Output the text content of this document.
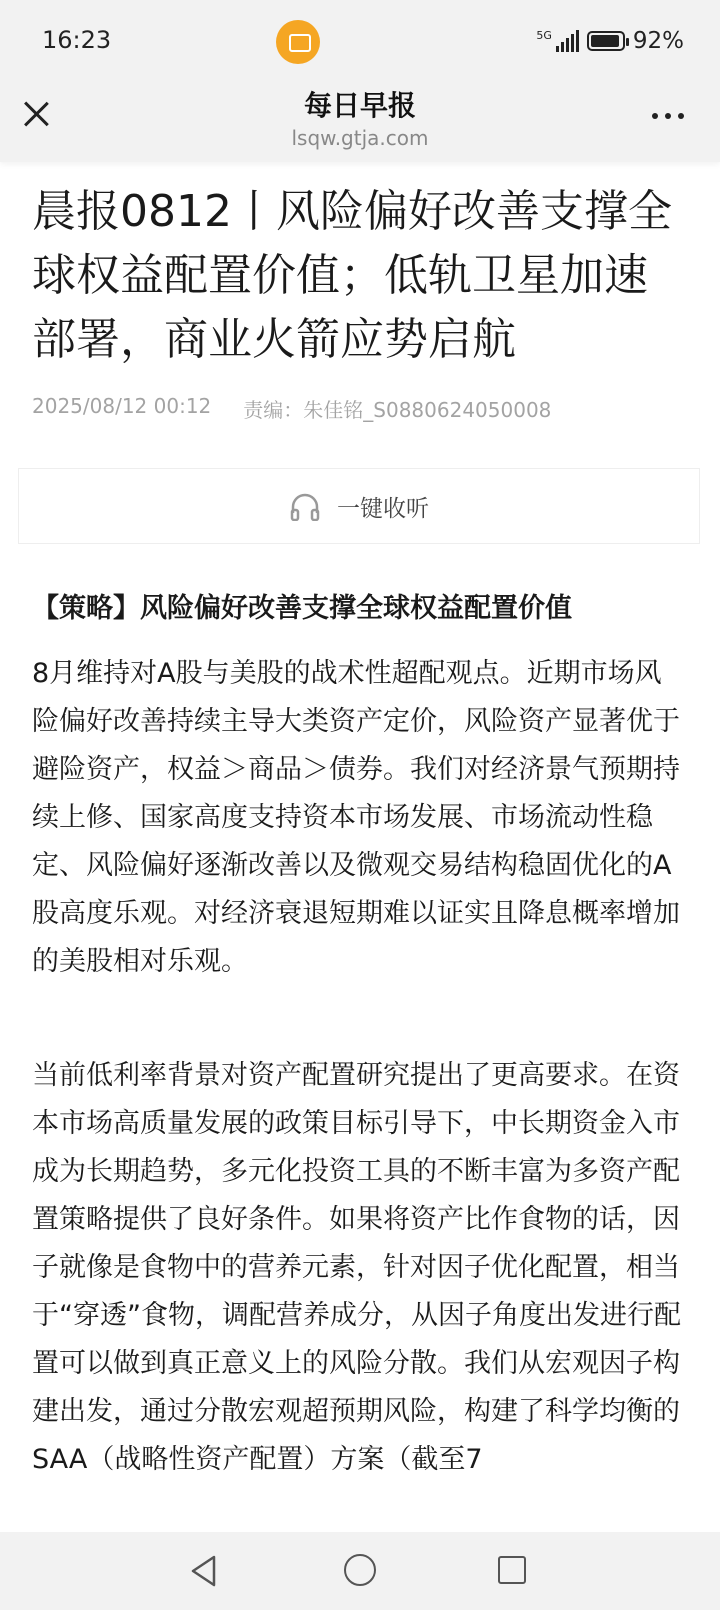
16:23	5G	92%
每日早报
lsqw.gtja.com
晨报0812丨风险偏好改善支撑全球权益配置价值；低轨卫星加速部署，商业火箭应势启航
2025/08/12 00:12 责编：朱佳铭_S0880624050008
一键收听
【策略】风险偏好改善支撑全球权益配置价值

8月维持对A股与美股的战术性超配观点。近期市场风险偏好改善持续主导大类资产定价，风险资产显著优于避险资产，权益＞商品＞债券。我们对经济景气预期持续上修、国家高度支持资本市场发展、市场流动性稳定、风险偏好逐渐改善以及微观交易结构稳固优化的A股高度乐观。对经济衰退短期难以证实且降息概率增加的美股相对乐观。

当前低利率背景对资产配置研究提出了更高要求。在资本市场高质量发展的政策目标引导下，中长期资金入市成为长期趋势，多元化投资工具的不断丰富为多资产配置策略提供了良好条件。如果将资产比作食物的话，因子就像是食物中的营养元素，针对因子优化配置，相当于“穿透”食物，调配营养成分，从因子角度出发进行配置可以做到真正意义上的风险分散。我们从宏观因子构建出发，通过分散宏观超预期风险，构建了科学均衡的SAA（战略性资产配置）方案（截至7
